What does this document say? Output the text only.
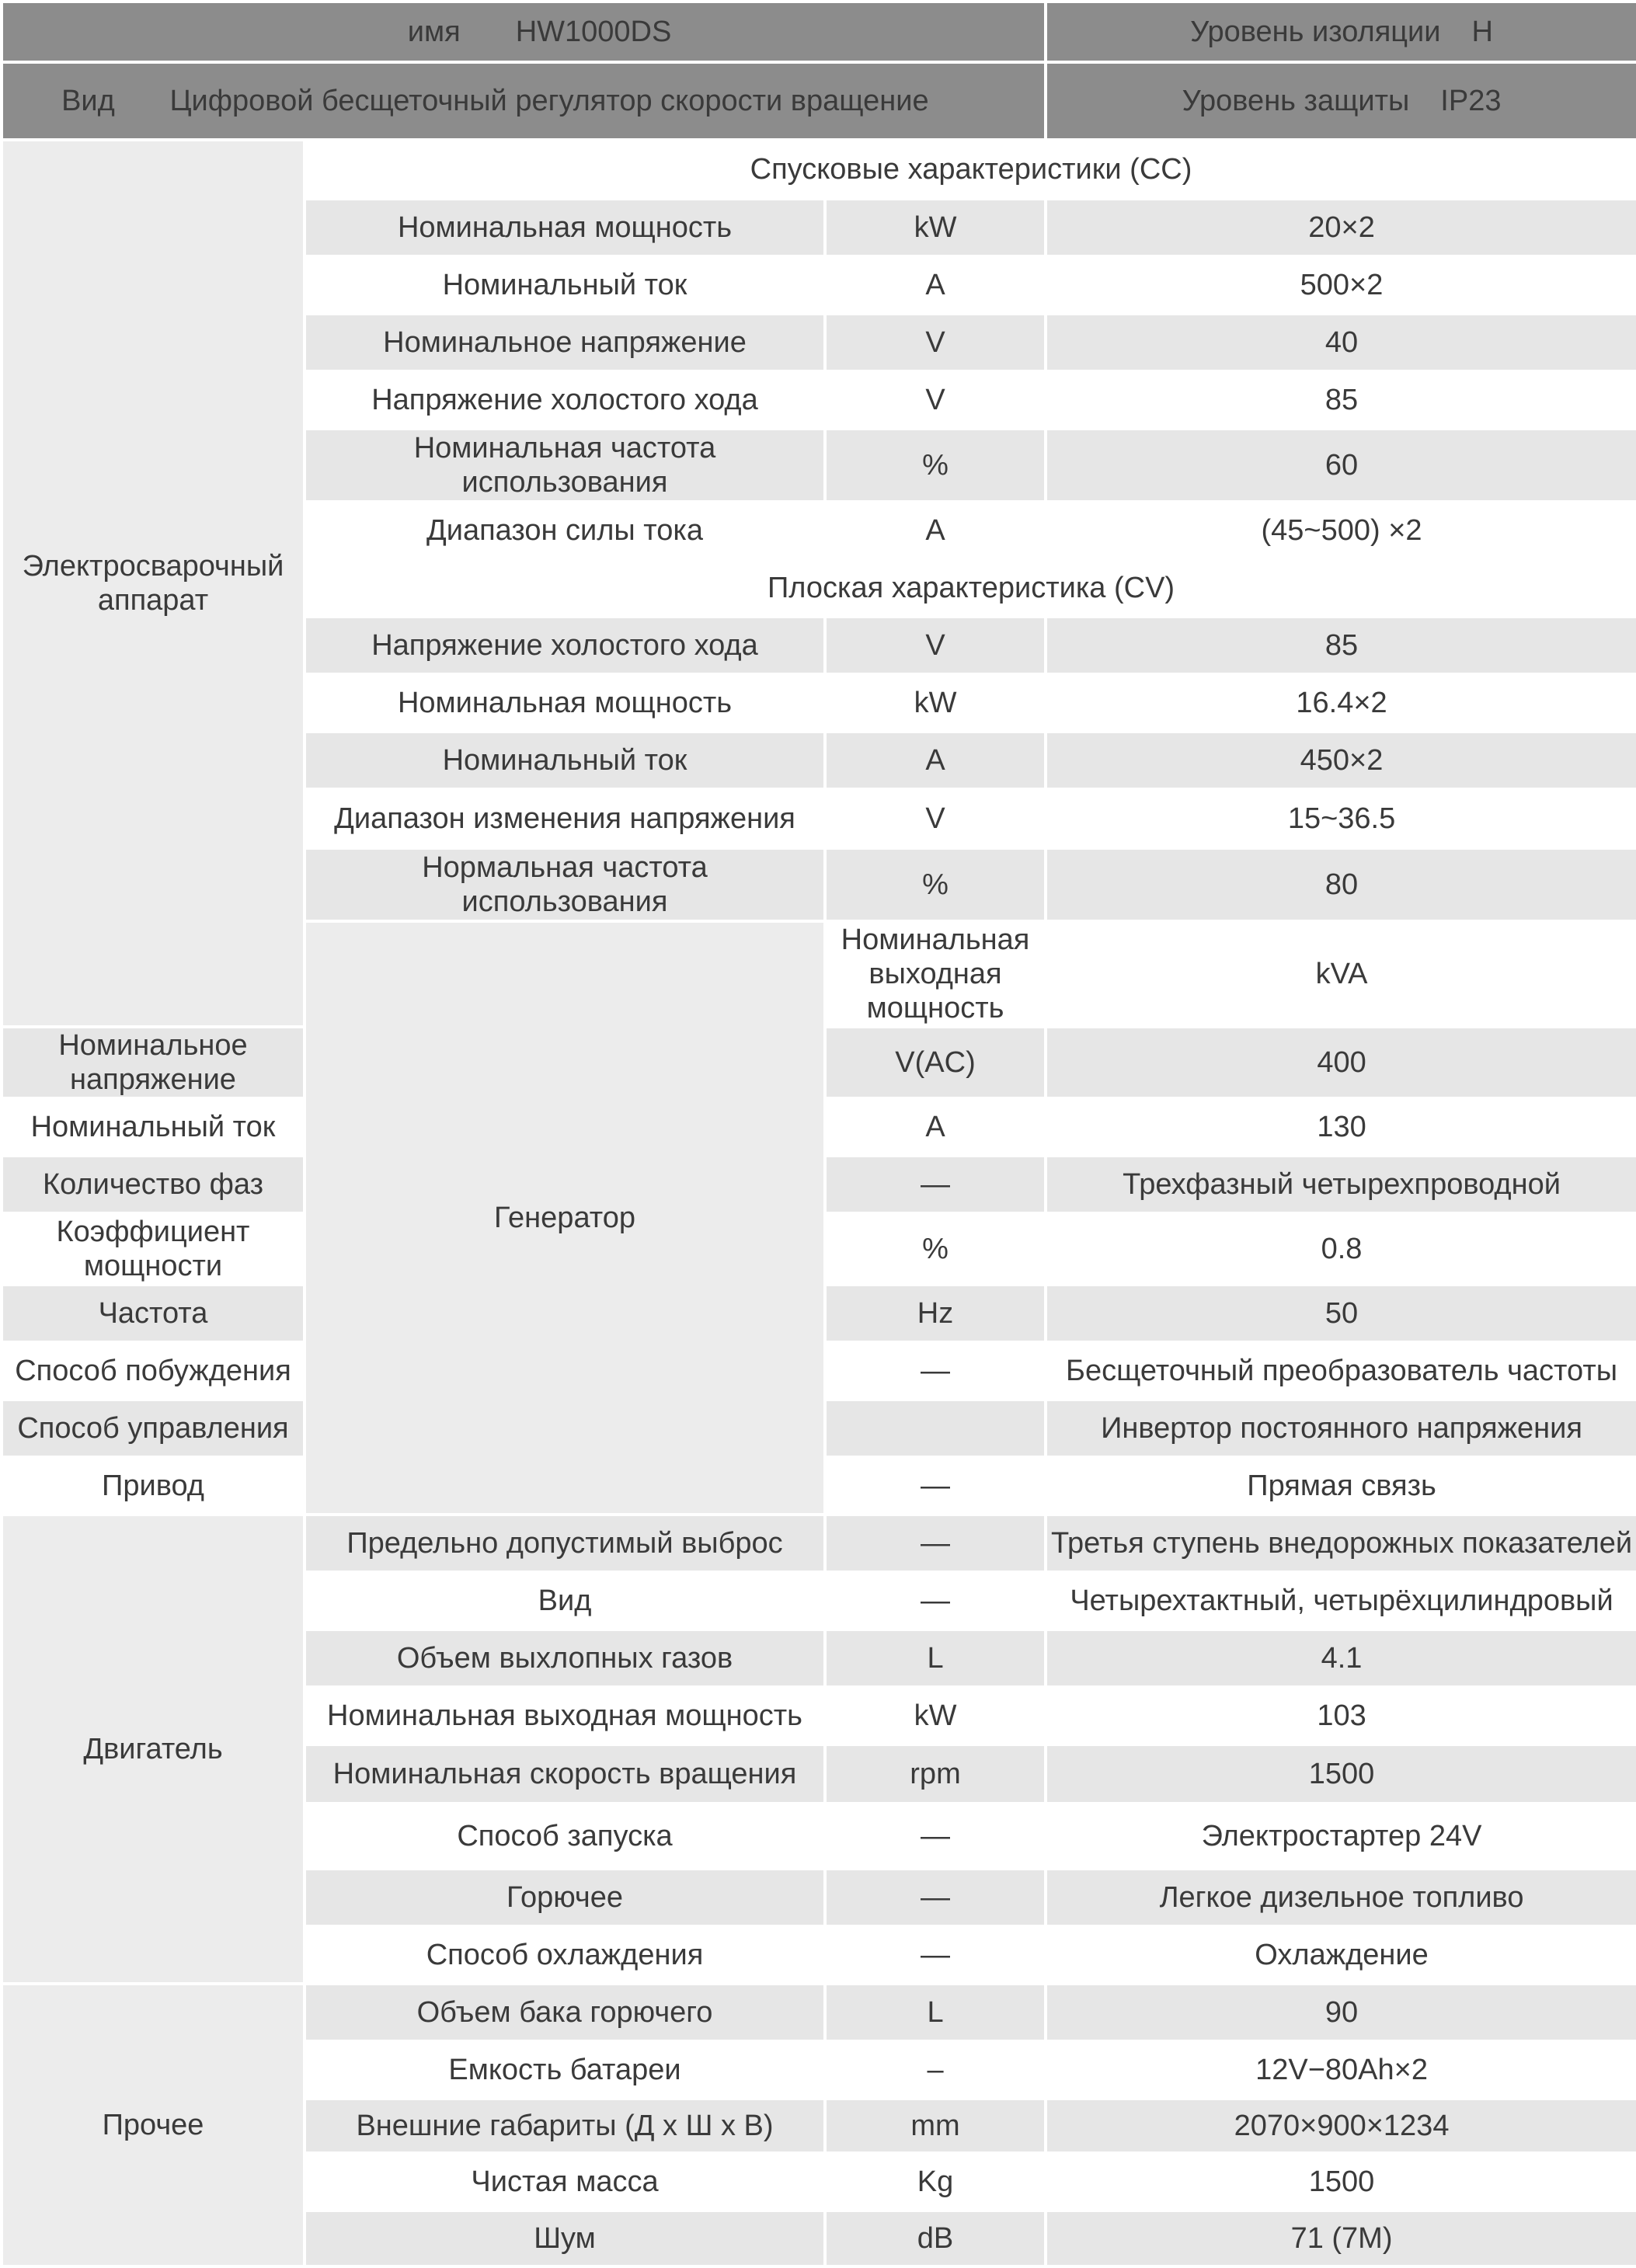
имя HW1000DS			Уровень изоляции H	
Вид Цифровой бесщеточный регулятор скорости вращение			Уровень защиты IP23	
Электросварочный аппарат	Спусковые характеристики (CC)			
	Номинальная мощность	kW	20×2	
	Номинальный ток	A	500×2	
	Номинальное напряжение	V	40	
	Напряжение холостого хода	V	85	
	Номинальная частота использования	%	60	
	Диапазон силы тока	A	(45~500) ×2	
	Плоская характеристика (CV)			
	Напряжение холостого хода	V	85	
	Номинальная мощность	kW	16.4×2	
	Номинальный ток	A	450×2	
	Диапазон изменения напряжения	V	15~36.5	
	Нормальная частота использования	%	80	
	Генератор	Номинальная выходная мощность	kVA	
Номинальное напряжение		V(AC)	400	
Номинальный ток		A	130	
Количество фаз		—	Трехфазный четырехпроводной	
Коэффициент мощности		%	0.8	
Частота		Hz	50	
Способ побуждения		—	Бесщеточный преобразователь частоты	
Способ управления			Инвертор постоянного напряжения	
Привод		—	Прямая связь	
Двигатель	Предельно допустимый выброс	—	Третья ступень внедорожных показателей	
	Вид	—	Четырехтактный, четырёхцилиндровый	
	Объем выхлопных газов	L	4.1	
	Номинальная выходная мощность	kW	103	
	Номинальная скорость вращения	rpm	1500	
	Способ запуска	—	Электростартер 24V	
	Горючее	—	Легкое дизельное топливо	
	Способ охлаждения	—	Охлаждение	
Прочее	Объем бака горючего	L	90	
	Емкость батареи	–	12V−80Ah×2	
	Внешние габариты (Д х Ш х В)	mm	2070×900×1234	
	Чистая масса	Kg	1500	
	Шум	dB	71 (7M)	
